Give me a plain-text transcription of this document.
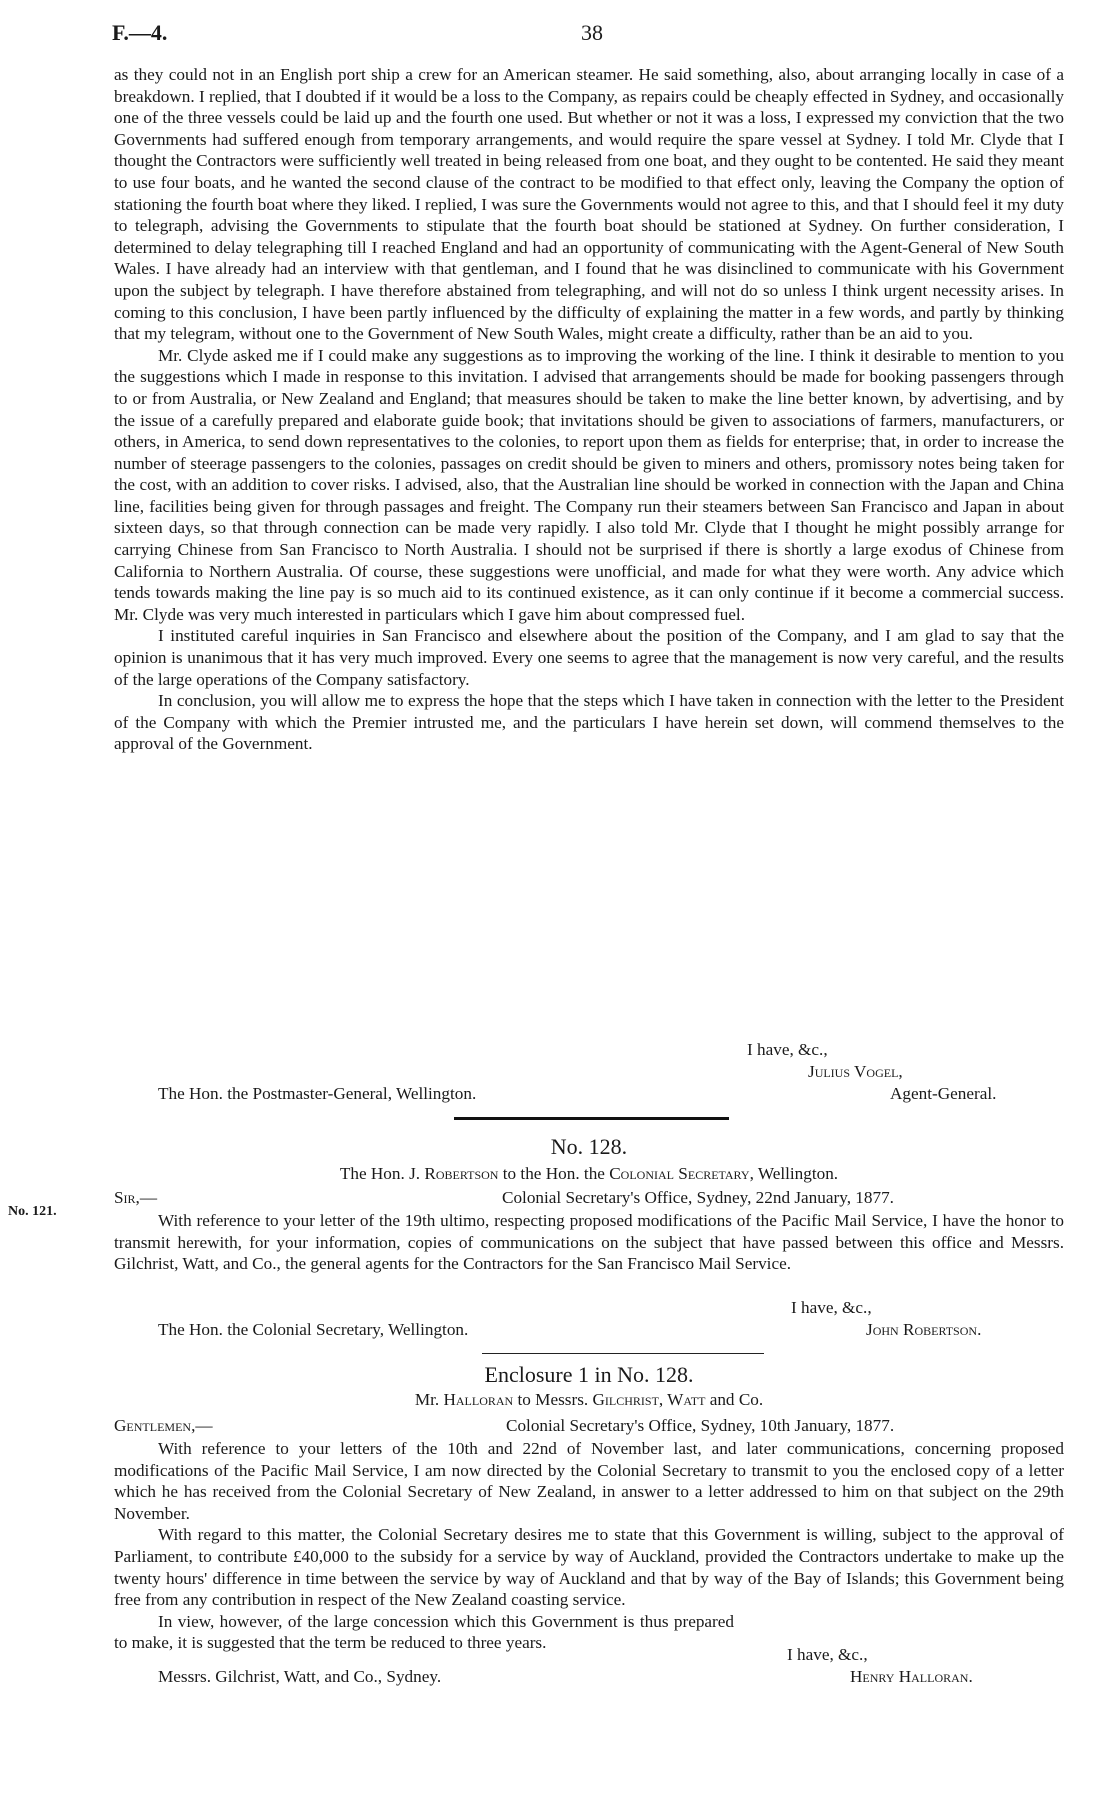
F.—4.	38

as they could not in an English port ship a crew for an American steamer. He said something, also, about arranging locally in case of a breakdown. I replied, that I doubted if it would be a loss to the Company, as repairs could be cheaply effected in Sydney, and occasionally one of the three vessels could be laid up and the fourth one used. But whether or not it was a loss, I expressed my conviction that the two Governments had suffered enough from temporary arrangements, and would require the spare vessel at Sydney. I told Mr. Clyde that I thought the Contractors were sufficiently well treated in being released from one boat, and they ought to be contented. He said they meant to use four boats, and he wanted the second clause of the contract to be modified to that effect only, leaving the Company the option of stationing the fourth boat where they liked. I replied, I was sure the Governments would not agree to this, and that I should feel it my duty to telegraph, advising the Governments to stipulate that the fourth boat should be stationed at Sydney. On further consideration, I determined to delay telegraphing till I reached England and had an opportunity of communicating with the Agent-General of New South Wales. I have already had an interview with that gentleman, and I found that he was disinclined to communicate with his Government upon the subject by telegraph. I have therefore abstained from telegraphing, and will not do so unless I think urgent necessity arises. In coming to this conclusion, I have been partly influenced by the difficulty of explaining the matter in a few words, and partly by thinking that my telegram, without one to the Government of New South Wales, might create a difficulty, rather than be an aid to you.

Mr. Clyde asked me if I could make any suggestions as to improving the working of the line. I think it desirable to mention to you the suggestions which I made in response to this invitation. I advised that arrangements should be made for booking passengers through to or from Australia, or New Zealand and England; that measures should be taken to make the line better known, by advertising, and by the issue of a carefully prepared and elaborate guide book; that invitations should be given to associations of farmers, manufacturers, or others, in America, to send down representatives to the colonies, to report upon them as fields for enterprise; that, in order to increase the number of steerage passengers to the colonies, passages on credit should be given to miners and others, promissory notes being taken for the cost, with an addition to cover risks. I advised, also, that the Australian line should be worked in connection with the Japan and China line, facilities being given for through passages and freight. The Company run their steamers between San Francisco and Japan in about sixteen days, so that through connection can be made very rapidly. I also told Mr. Clyde that I thought he might possibly arrange for carrying Chinese from San Francisco to North Australia. I should not be surprised if there is shortly a large exodus of Chinese from California to Northern Australia. Of course, these suggestions were unofficial, and made for what they were worth. Any advice which tends towards making the line pay is so much aid to its continued existence, as it can only continue if it become a commercial success. Mr. Clyde was very much interested in particulars which I gave him about compressed fuel.

I instituted careful inquiries in San Francisco and elsewhere about the position of the Company, and I am glad to say that the opinion is unanimous that it has very much improved. Every one seems to agree that the management is now very careful, and the results of the large operations of the Company satisfactory.

In conclusion, you will allow me to express the hope that the steps which I have taken in connection with the letter to the President of the Company with which the Premier intrusted me, and the particulars I have herein set down, will commend themselves to the approval of the Government.

I have, &c.,
Julius Vogel,
The Hon. the Postmaster-General, Wellington.	Agent-General.
No. 128.
The Hon. J. Robertson to the Hon. the Colonial Secretary, Wellington.
No. 121.
Sir,—	Colonial Secretary's Office, Sydney, 22nd January, 1877.

With reference to your letter of the 19th ultimo, respecting proposed modifications of the Pacific Mail Service, I have the honor to transmit herewith, for your information, copies of communications on the subject that have passed between this office and Messrs. Gilchrist, Watt, and Co., the general agents for the Contractors for the San Francisco Mail Service.

I have, &c.,
The Hon. the Colonial Secretary, Wellington.	John Robertson.
Enclosure 1 in No. 128.
Mr. Halloran to Messrs. Gilchrist, Watt and Co.
Gentlemen,—	Colonial Secretary's Office, Sydney, 10th January, 1877.

With reference to your letters of the 10th and 22nd of November last, and later communications, concerning proposed modifications of the Pacific Mail Service, I am now directed by the Colonial Secretary to transmit to you the enclosed copy of a letter which he has received from the Colonial Secretary of New Zealand, in answer to a letter addressed to him on that subject on the 29th November.

With regard to this matter, the Colonial Secretary desires me to state that this Government is willing, subject to the approval of Parliament, to contribute £40,000 to the subsidy for a service by way of Auckland, provided the Contractors undertake to make up the twenty hours' difference in time between the service by way of Auckland and that by way of the Bay of Islands; this Government being free from any contribution in respect of the New Zealand coasting service.

In view, however, of the large concession which this Government is thus prepared to make, it is suggested that the term be reduced to three years.

I have, &c.,
Messrs. Gilchrist, Watt, and Co., Sydney.	Henry Halloran.
